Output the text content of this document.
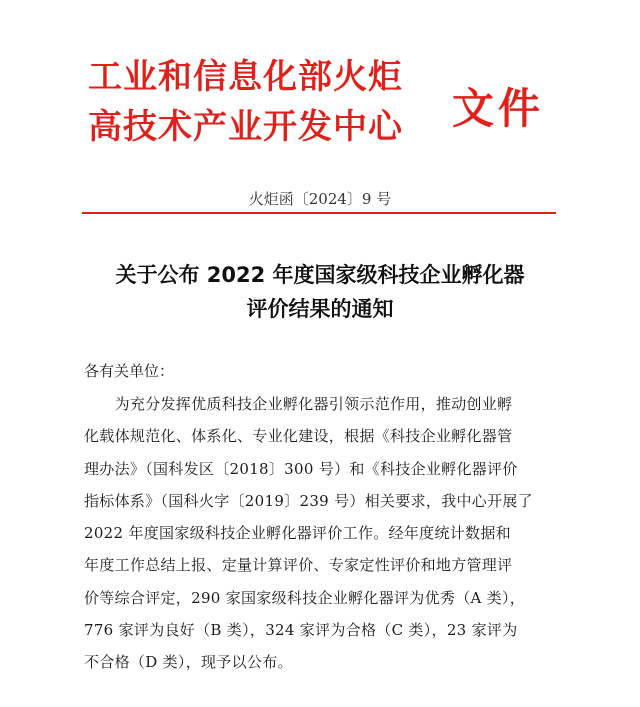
工业和信息化部火炬
高技术产业开发中心 文件
火炬函〔2024〕9 号
关于公布 2022 年度国家级科技企业孵化器
评价结果的通知
各有关单位：
　　为充分发挥优质科技企业孵化器引领示范作用，推动创业孵
化载体规范化、体系化、专业化建设，根据《科技企业孵化器管
理办法》（国科发区〔2018〕300 号）和《科技企业孵化器评价
指标体系》（国科火字〔2019〕239 号）相关要求，我中心开展了
2022 年度国家级科技企业孵化器评价工作。经年度统计数据和
年度工作总结上报、定量计算评价、专家定性评价和地方管理评
价等综合评定，290 家国家级科技企业孵化器评为优秀（A 类），
776 家评为良好（B 类），324 家评为合格（C 类），23 家评为
不合格（D 类），现予以公布。
